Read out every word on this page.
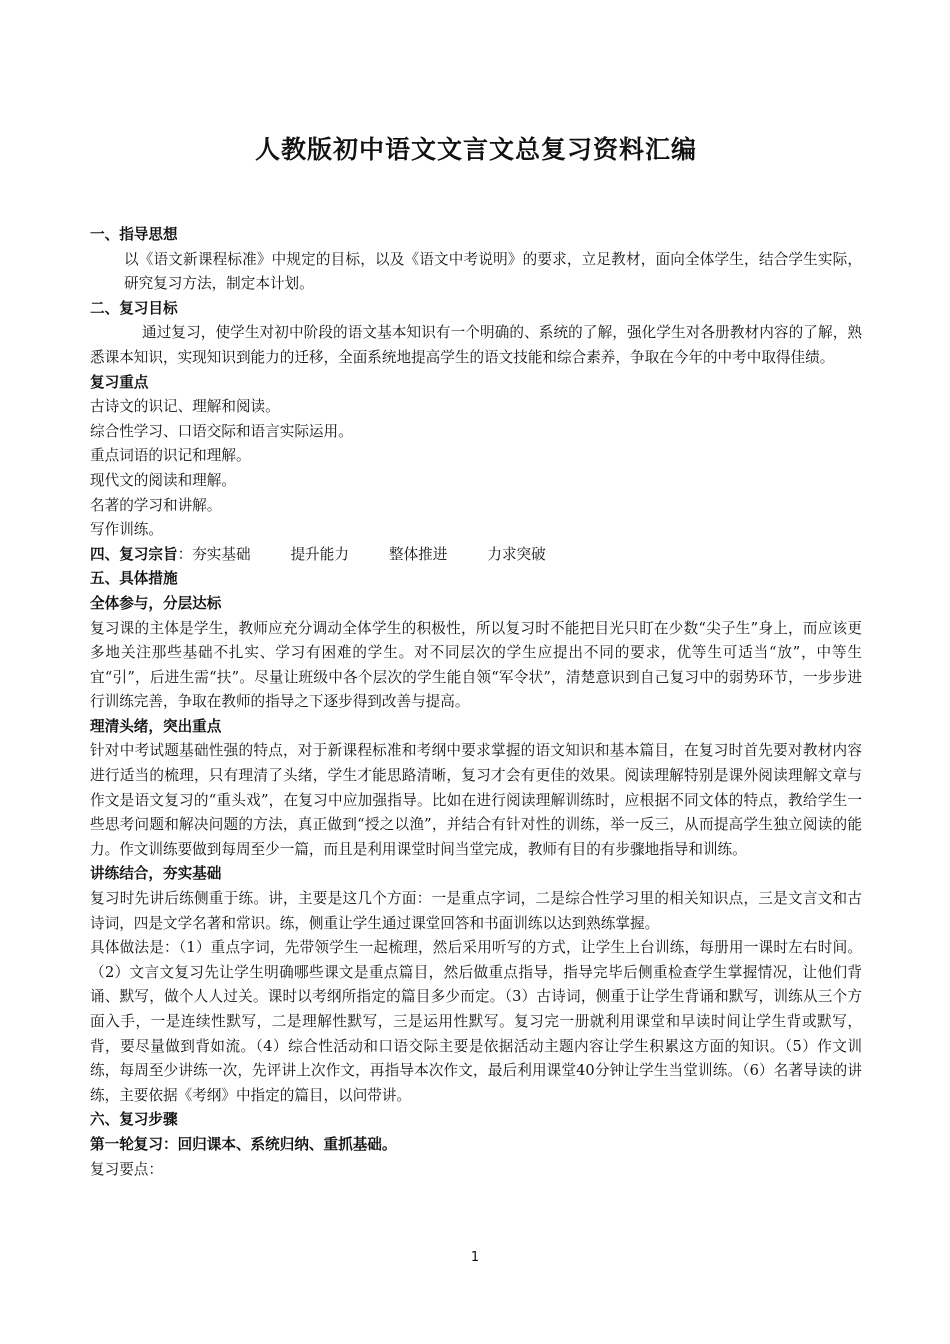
人教版初中语文文言文总复习资料汇编

一、指导思想

以《语文新课程标准》中规定的目标，以及《语文中考说明》的要求，立足教材，面向全体学生，结合学生实际，研究复习方法，制定本计划。

二、复习目标

通过复习，使学生对初中阶段的语文基本知识有一个明确的、系统的了解，强化学生对各册教材内容的了解，熟悉课本知识，实现知识到能力的迁移，全面系统地提高学生的语文技能和综合素养，争取在今年的中考中取得佳绩。

复习重点

古诗文的识记、理解和阅读。

综合性学习、口语交际和语言实际运用。

重点词语的识记和理解。

现代文的阅读和理解。

名著的学习和讲解。

写作训练。

四、复习宗旨：夯实基础	提升能力	整体推进	力求突破

五、具体措施

全体参与，分层达标

复习课的主体是学生，教师应充分调动全体学生的积极性，所以复习时不能把目光只盯在少数“尖子生”身上，而应该更多地关注那些基础不扎实、学习有困难的学生。对不同层次的学生应提出不同的要求，优等生可适当“放”，中等生宜“引”，后进生需“扶”。尽量让班级中各个层次的学生能自领“军令状”，清楚意识到自己复习中的弱势环节，一步步进行训练完善，争取在教师的指导之下逐步得到改善与提高。

理清头绪，突出重点

针对中考试题基础性强的特点，对于新课程标准和考纲中要求掌握的语文知识和基本篇目，在复习时首先要对教材内容进行适当的梳理，只有理清了头绪，学生才能思路清晰，复习才会有更佳的效果。阅读理解特别是课外阅读理解文章与作文是语文复习的“重头戏”，在复习中应加强指导。比如在进行阅读理解训练时，应根据不同文体的特点，教给学生一些思考问题和解决问题的方法，真正做到“授之以渔”，并结合有针对性的训练，举一反三，从而提高学生独立阅读的能力。作文训练要做到每周至少一篇，而且是利用课堂时间当堂完成，教师有目的有步骤地指导和训练。

讲练结合，夯实基础

复习时先讲后练侧重于练。讲，主要是这几个方面：一是重点字词，二是综合性学习里的相关知识点，三是文言文和古诗词，四是文学名著和常识。练，侧重让学生通过课堂回答和书面训练以达到熟练掌握。

具体做法是：（1）重点字词，先带领学生一起梳理，然后采用听写的方式，让学生上台训练，每册用一课时左右时间。（2）文言文复习先让学生明确哪些课文是重点篇目，然后做重点指导，指导完毕后侧重检查学生掌握情况，让他们背诵、默写，做个人人过关。课时以考纲所指定的篇目多少而定。（3）古诗词，侧重于让学生背诵和默写，训练从三个方面入手，一是连续性默写，二是理解性默写，三是运用性默写。复习完一册就利用课堂和早读时间让学生背或默写，背，要尽量做到背如流。（4）综合性活动和口语交际主要是依据活动主题内容让学生积累这方面的知识。（5）作文训练，每周至少讲练一次，先评讲上次作文，再指导本次作文，最后利用课堂40分钟让学生当堂训练。（6）名著导读的讲练，主要依据《考纲》中指定的篇目，以问带讲。

六、复习步骤

第一轮复习：回归课本、系统归纳、重抓基础。

复习要点：

1
